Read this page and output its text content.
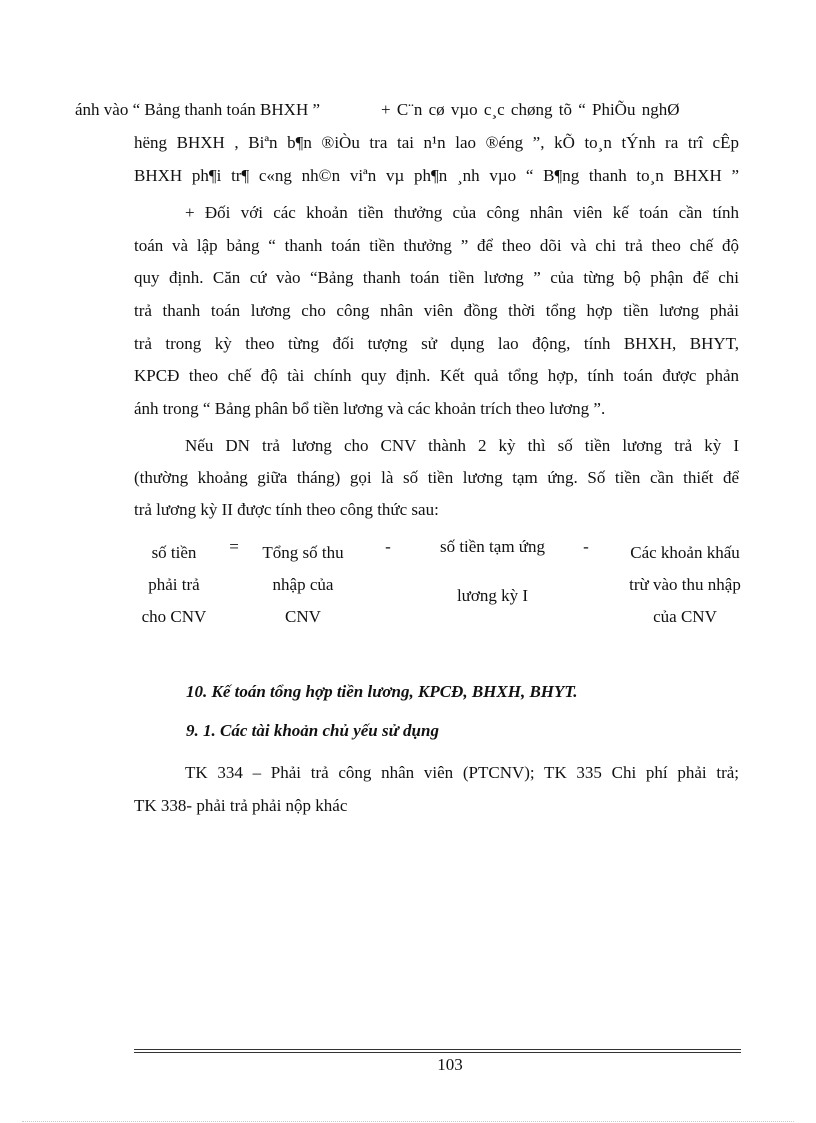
ánh vào “ Bảng thanh toán BHXH ”	+ C¨n cø vµo c¸c chøng tõ “ PhiÕu nghØ
hëng BHXH , Biªn b¶n ®iÒu tra tai n¹n lao ®éng ”, kÕ to¸n tÝnh ra trî cÊp
BHXH ph¶i tr¶ c«ng nh©n viªn vµ ph¶n ¸nh vµo “ B¶ng thanh to¸n BHXH ”
+ Đối với các khoản tiền thưởng của công nhân viên kế toán cần tính
toán và lập bảng “ thanh toán tiền thưởng ” để theo dõi và chi trả theo chế độ
quy định. Căn cứ vào “Bảng thanh toán tiền lương ” của từng bộ phận để chi
trả thanh toán lương cho công nhân viên đồng thời tổng hợp tiền lương phải
trả trong kỳ theo từng đối tượng sử dụng lao động, tính BHXH, BHYT,
KPCĐ theo chế độ tài chính quy định. Kết quả tổng hợp, tính toán được phản
ánh trong “ Bảng phân bổ tiền lương và các khoản trích theo lương ”.
Nếu DN trả lương cho CNV thành 2 kỳ thì số tiền lương trả kỳ I
(thường khoảng giữa tháng) gọi là số tiền lương tạm ứng. Số tiền cần thiết để
trả lương kỳ II được tính theo công thức sau:
số tiền
phải trả
cho CNV
=	Tổng số thu
nhập của
CNV
-	số tiền tạm ứng
lương kỳ I
-	Các khoản khấu
trừ vào thu nhập
của CNV
10. Kế toán tổng hợp tiền lương, KPCĐ, BHXH, BHYT.
9. 1. Các tài khoản chủ yếu sử dụng
TK 334 – Phải trả công nhân viên (PTCNV); TK 335 Chi phí phải trả;
TK 338- phải trả phải nộp khác
103
